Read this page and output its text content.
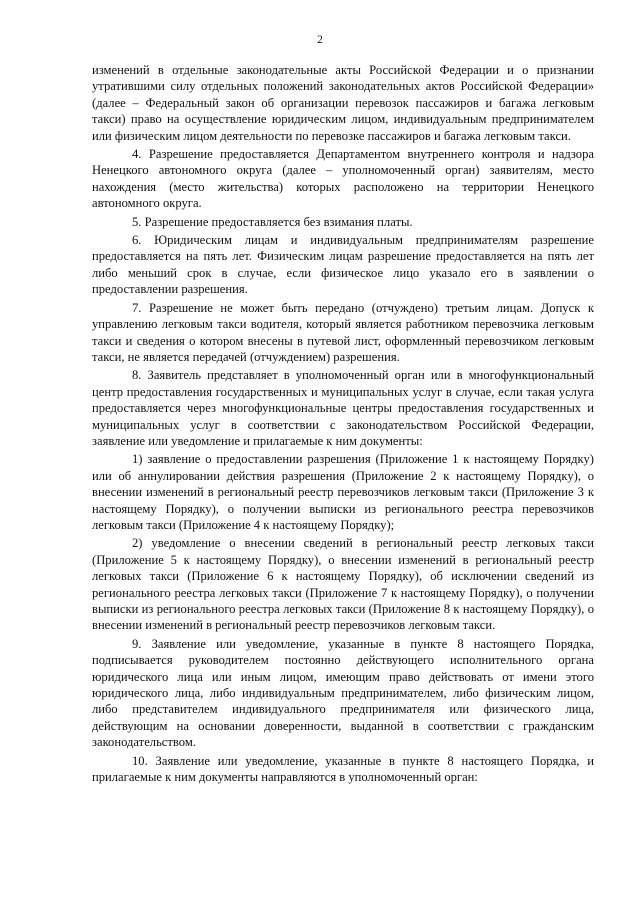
2

изменений в отдельные законодательные акты Российской Федерации и о признании утратившими силу отдельных положений законодательных актов Российской Федерации» (далее – Федеральный закон об организации перевозок пассажиров и багажа легковым такси) право на осуществление юридическим лицом, индивидуальным предпринимателем или физическим лицом деятельности по перевозке пассажиров и багажа легковым такси.

4. Разрешение предоставляется Департаментом внутреннего контроля и надзора Ненецкого автономного округа (далее – уполномоченный орган) заявителям, место нахождения (место жительства) которых расположено на территории Ненецкого автономного округа.

5. Разрешение предоставляется без взимания платы.

6. Юридическим лицам и индивидуальным предпринимателям разрешение предоставляется на пять лет. Физическим лицам разрешение предоставляется на пять лет либо меньший срок в случае, если физическое лицо указало его в заявлении о предоставлении разрешения.

7. Разрешение не может быть передано (отчуждено) третьим лицам. Допуск к управлению легковым такси водителя, который является работником перевозчика легковым такси и сведения о котором внесены в путевой лист, оформленный перевозчиком легковым такси, не является передачей (отчуждением) разрешения.

8. Заявитель представляет в уполномоченный орган или в многофункциональный центр предоставления государственных и муниципальных услуг в случае, если такая услуга предоставляется через многофункциональные центры предоставления государственных и муниципальных услуг в соответствии с законодательством Российской Федерации, заявление или уведомление и прилагаемые к ним документы:

1) заявление о предоставлении разрешения (Приложение 1 к настоящему Порядку) или об аннулировании действия разрешения (Приложение 2 к настоящему Порядку), о внесении изменений в региональный реестр перевозчиков легковым такси (Приложение 3 к настоящему Порядку), о получении выписки из регионального реестра перевозчиков легковым такси (Приложение 4 к настоящему Порядку);

2) уведомление о внесении сведений в региональный реестр легковых такси (Приложение 5 к настоящему Порядку), о внесении изменений в региональный реестр легковых такси (Приложение 6 к настоящему Порядку), об исключении сведений из регионального реестра легковых такси (Приложение 7 к настоящему Порядку), о получении выписки из регионального реестра легковых такси (Приложение 8 к настоящему Порядку), о внесении изменений в региональный реестр перевозчиков легковым такси.

9. Заявление или уведомление, указанные в пункте 8 настоящего Порядка, подписывается руководителем постоянно действующего исполнительного органа юридического лица или иным лицом, имеющим право действовать от имени этого юридического лица, либо индивидуальным предпринимателем, либо физическим лицом, либо представителем индивидуального предпринимателя или физического лица, действующим на основании доверенности, выданной в соответствии с гражданским законодательством.

10. Заявление или уведомление, указанные в пункте 8 настоящего Порядка, и прилагаемые к ним документы направляются в уполномоченный орган:
